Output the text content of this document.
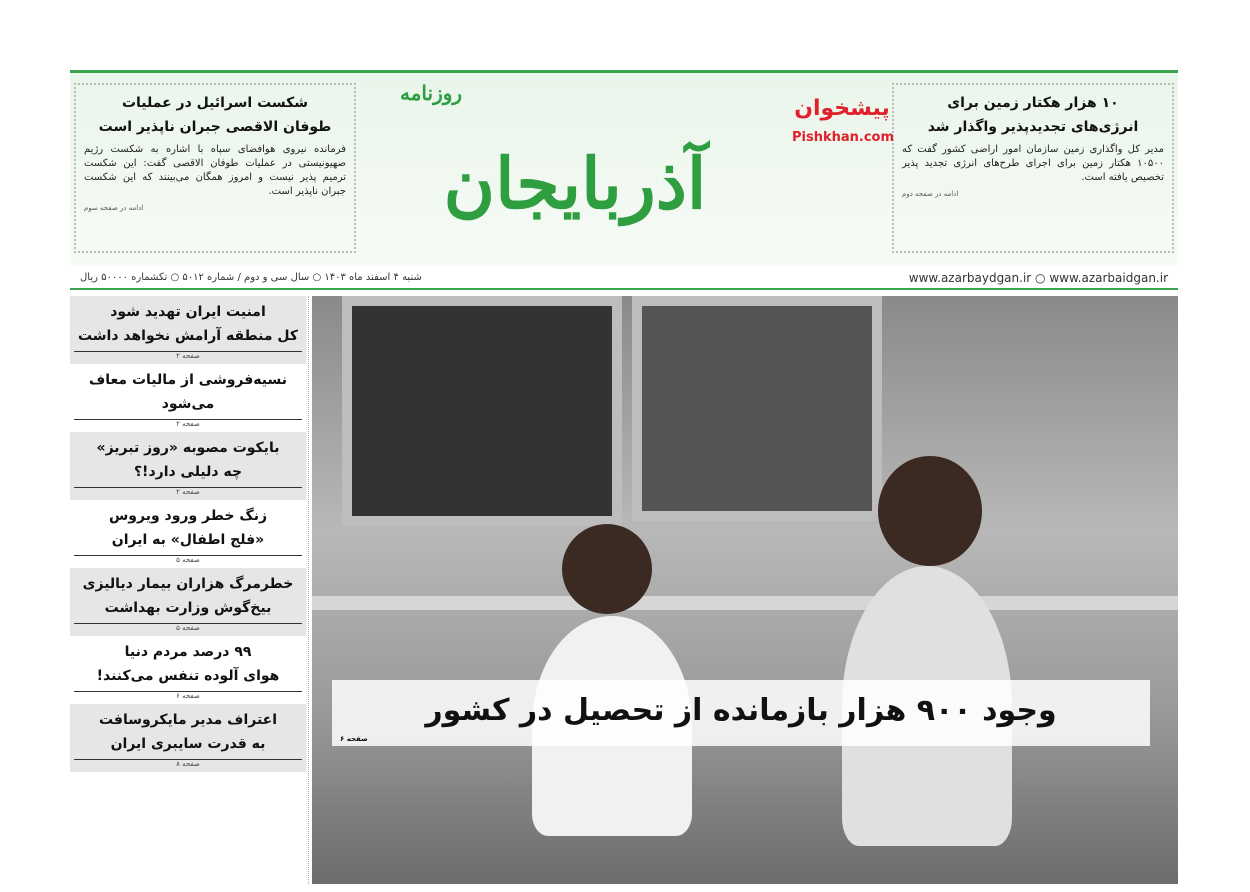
۱۰ هزار هکتار زمین برای
انرژی‌های تجدیدپذیر واگذار شد

مدیر کل واگذاری زمین سازمان امور اراضی کشور گفت که ۱۰۵۰۰ هکتار زمین برای اجرای طرح‌های انرژی تجدید پذیر تخصیص یافته است.

ادامه در صفحه دوم
شکست اسرائیل در عملیات
طوفان الاقصی جبران ناپذیر است

فرمانده نیروی هوافضای سپاه با اشاره به شکست رژیم صهیونیستی در عملیات طوفان الاقصی گفت: این شکست ترمیم پذیر نیست و امروز همگان می‌بینند که این شکست جبران ناپذیر است.

ادامه در صفحه سوم	آذربایجان
روزنامه
پیشخوان
Pishkhan.com
شنبه ۴ اسفند ماه ۱۴۰۳ ○ سال سی و دوم / شماره ۵۰۱۲ ○ تکشماره ۵۰۰۰۰ ریال	www.azarbaydgan.ir ○ www.azarbaidgan.ir
امنیت ایران تهدید شود
کل منطقه آرامش نخواهد داشت
صفحه ۲
نسیه‌فروشی از مالیات معاف می‌شود
صفحه ۲
بایکوت مصوبه «روز تبریز»
چه دلیلی دارد!؟
صفحه ۲
زنگ خطر ورود ویروس
«فلج اطفال» به ایران
صفحه ۵
خطرمرگ هزاران بیمار دیالیزی
بیخ‌گوش وزارت بهداشت
صفحه ۵
۹۹ درصد مردم دنیا
هوای آلوده تنفس می‌کنند!
صفحه ۶
اعتراف مدیر مایکروسافت
به قدرت سایبری ایران
صفحه ۸
وجود ۹۰۰ هزار بازمانده از تحصیل در کشور
صفحه ۶
